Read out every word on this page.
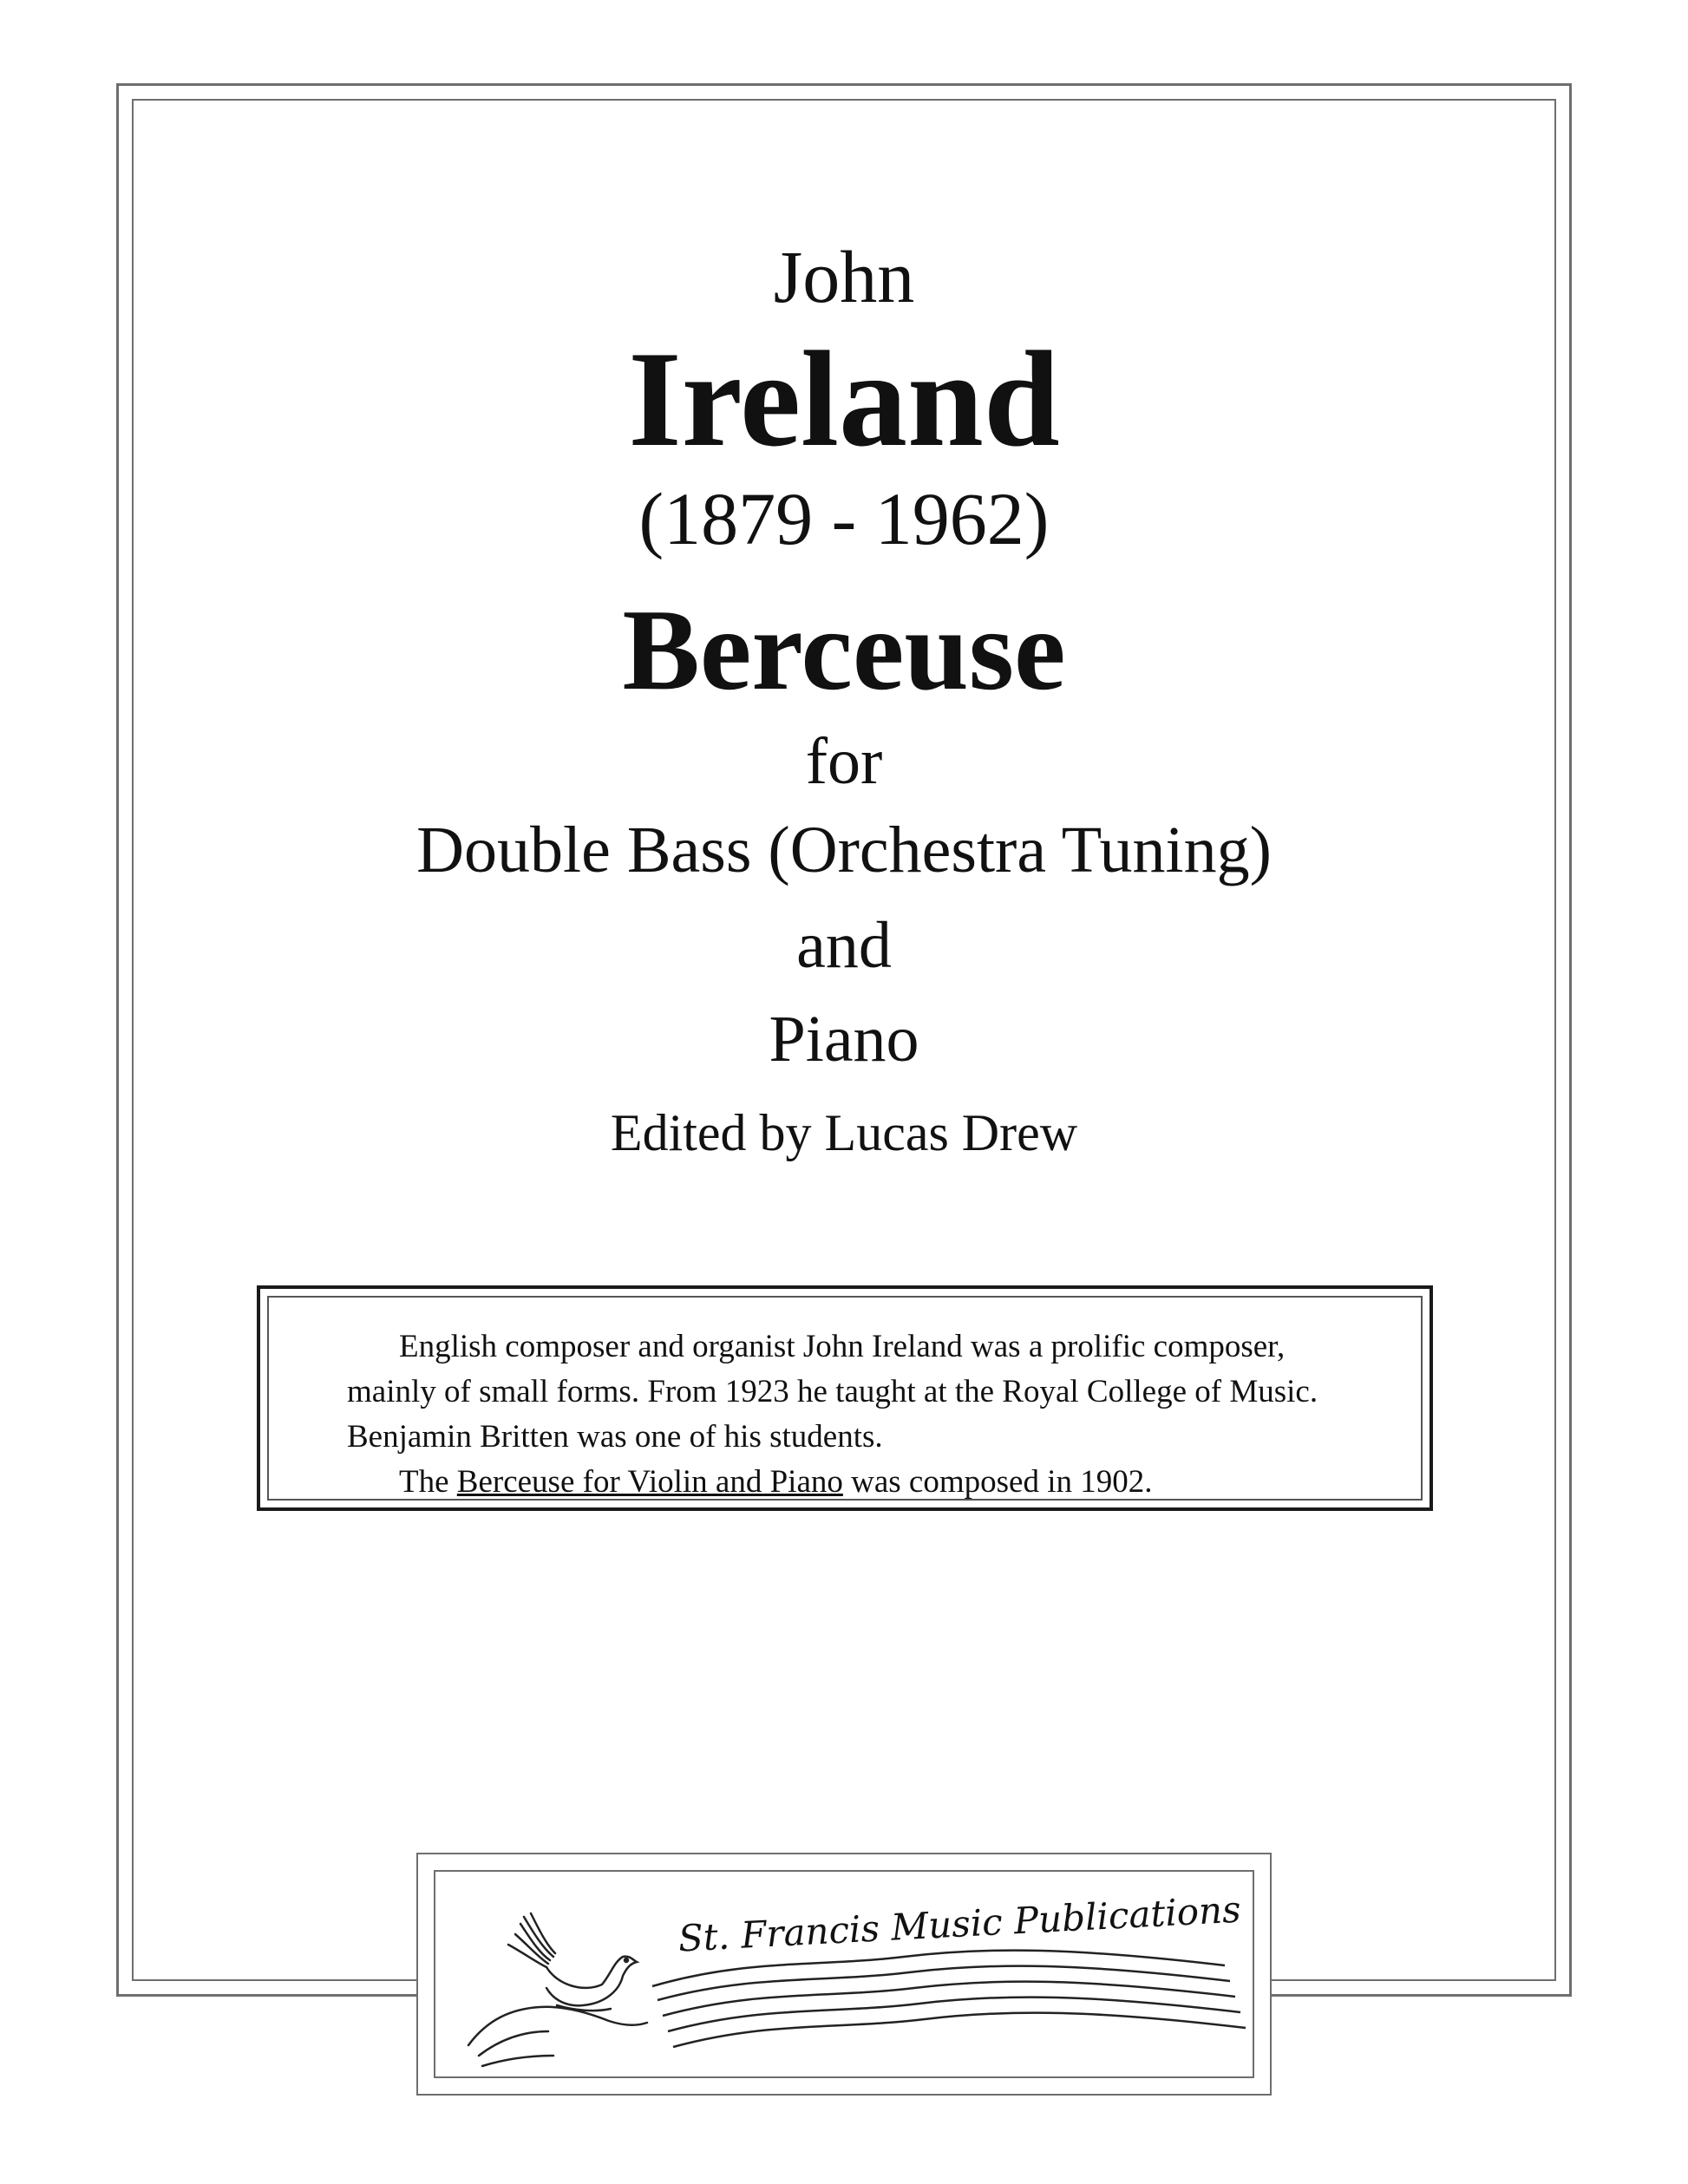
John
Ireland
(1879 - 1962)
Berceuse
for
Double Bass (Orchestra Tuning)
and
Piano
Edited by Lucas Drew
English composer and organist John Ireland was a prolific composer,
mainly of small forms. From 1923 he taught at the Royal College of Music.
Benjamin Britten was one of his students.
The Berceuse for Violin and Piano was composed in 1902.
St. Francis Music Publications
